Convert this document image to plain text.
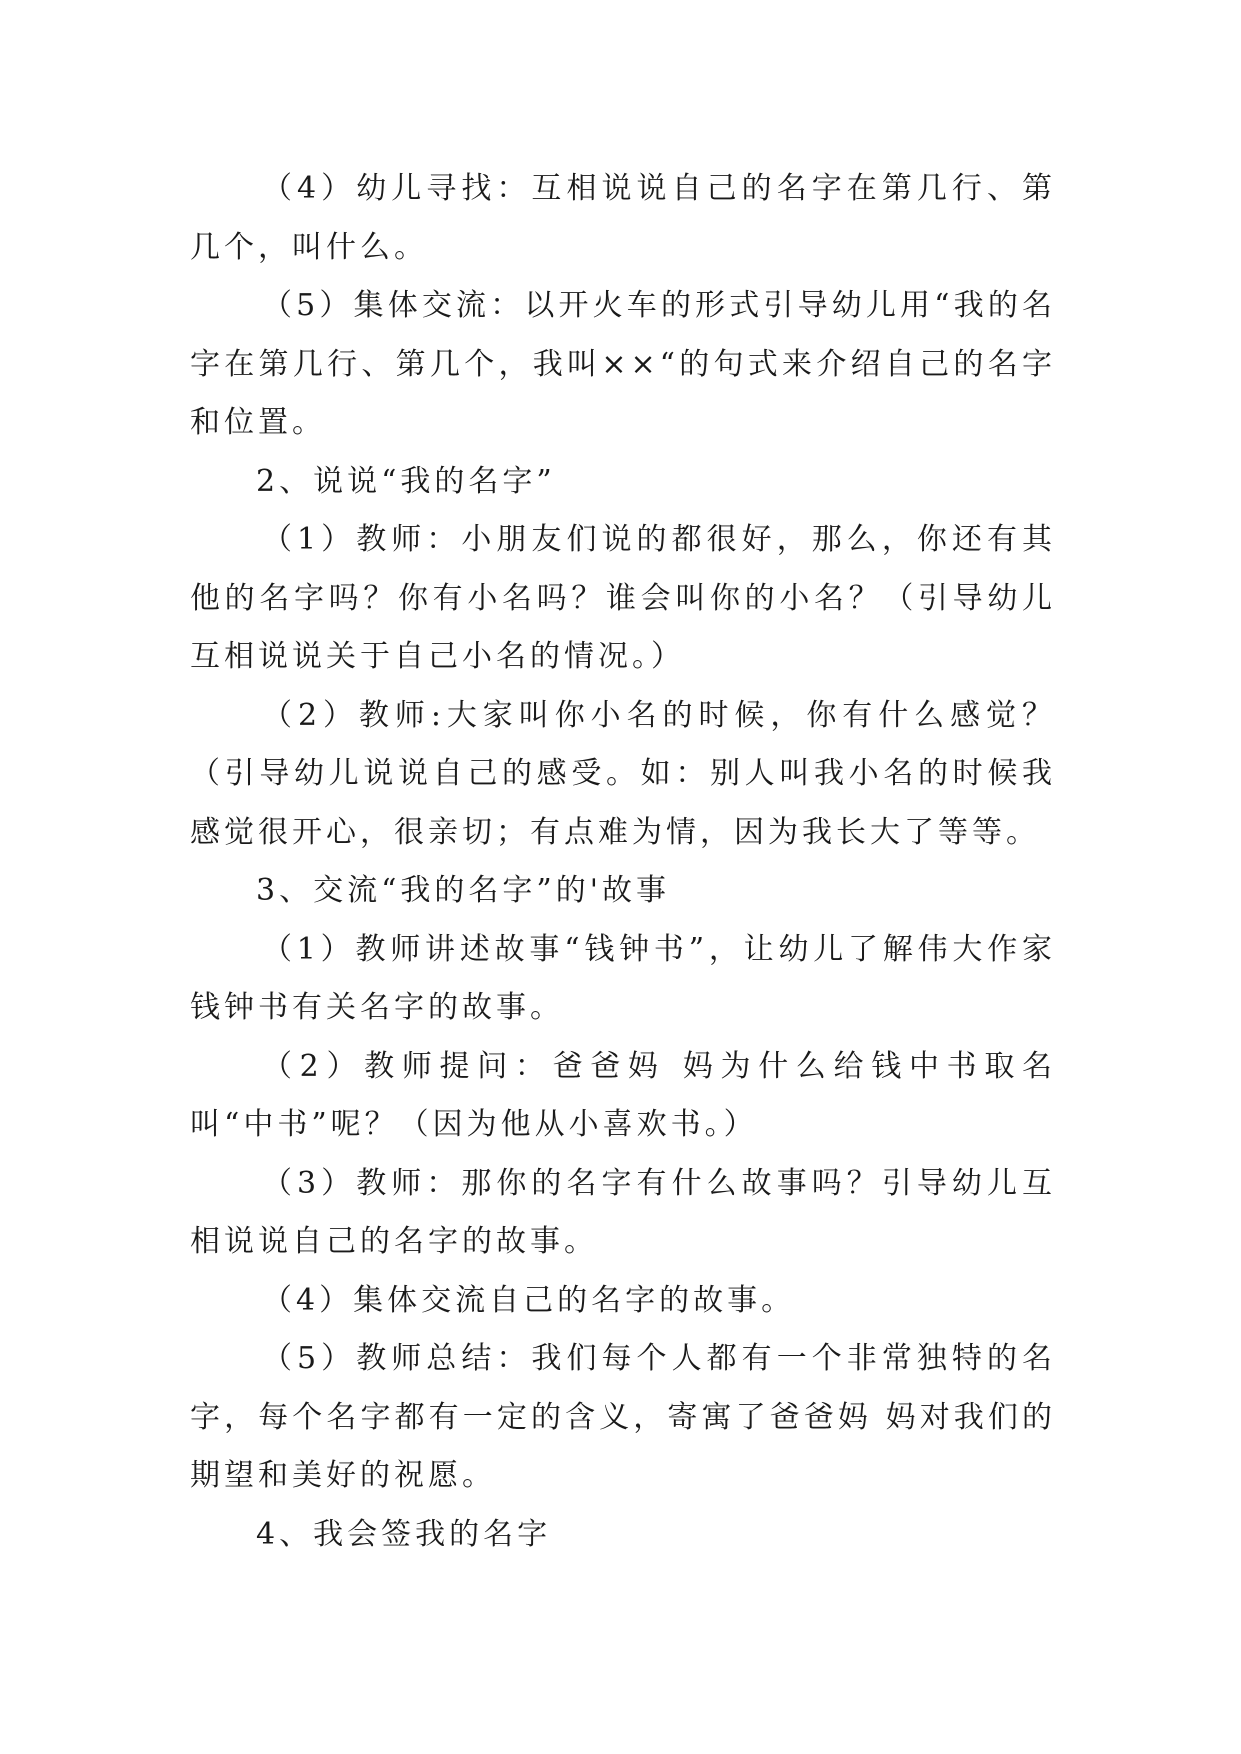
（4）幼儿寻找：互相说说自己的名字在第几行、第几个，叫什么。

（5）集体交流：以开火车的形式引导幼儿用“我的名字在第几行、第几个，我叫××“的句式来介绍自己的名字和位置。

2、说说“我的名字”

（1）教师：小朋友们说的都很好，那么，你还有其他的名字吗？你有小名吗？谁会叫你的小名？（引导幼儿互相说说关于自己小名的情况。）

（2）教师:大家叫你小名的时候，你有什么感觉？（引导幼儿说说自己的感受。如：别人叫我小名的时候我感觉很开心，很亲切；有点难为情，因为我长大了等等。

3、交流“我的名字”的'故事

（1）教师讲述故事“钱钟书”，让幼儿了解伟大作家钱钟书有关名字的故事。

（2）教师提问：爸爸妈 妈为什么给钱中书取名叫“中书”呢？（因为他从小喜欢书。）

（3）教师：那你的名字有什么故事吗？引导幼儿互相说说自己的名字的故事。

（4）集体交流自己的名字的故事。

（5）教师总结：我们每个人都有一个非常独特的名字，每个名字都有一定的含义，寄寓了爸爸妈 妈对我们的期望和美好的祝愿。

4、我会签我的名字
